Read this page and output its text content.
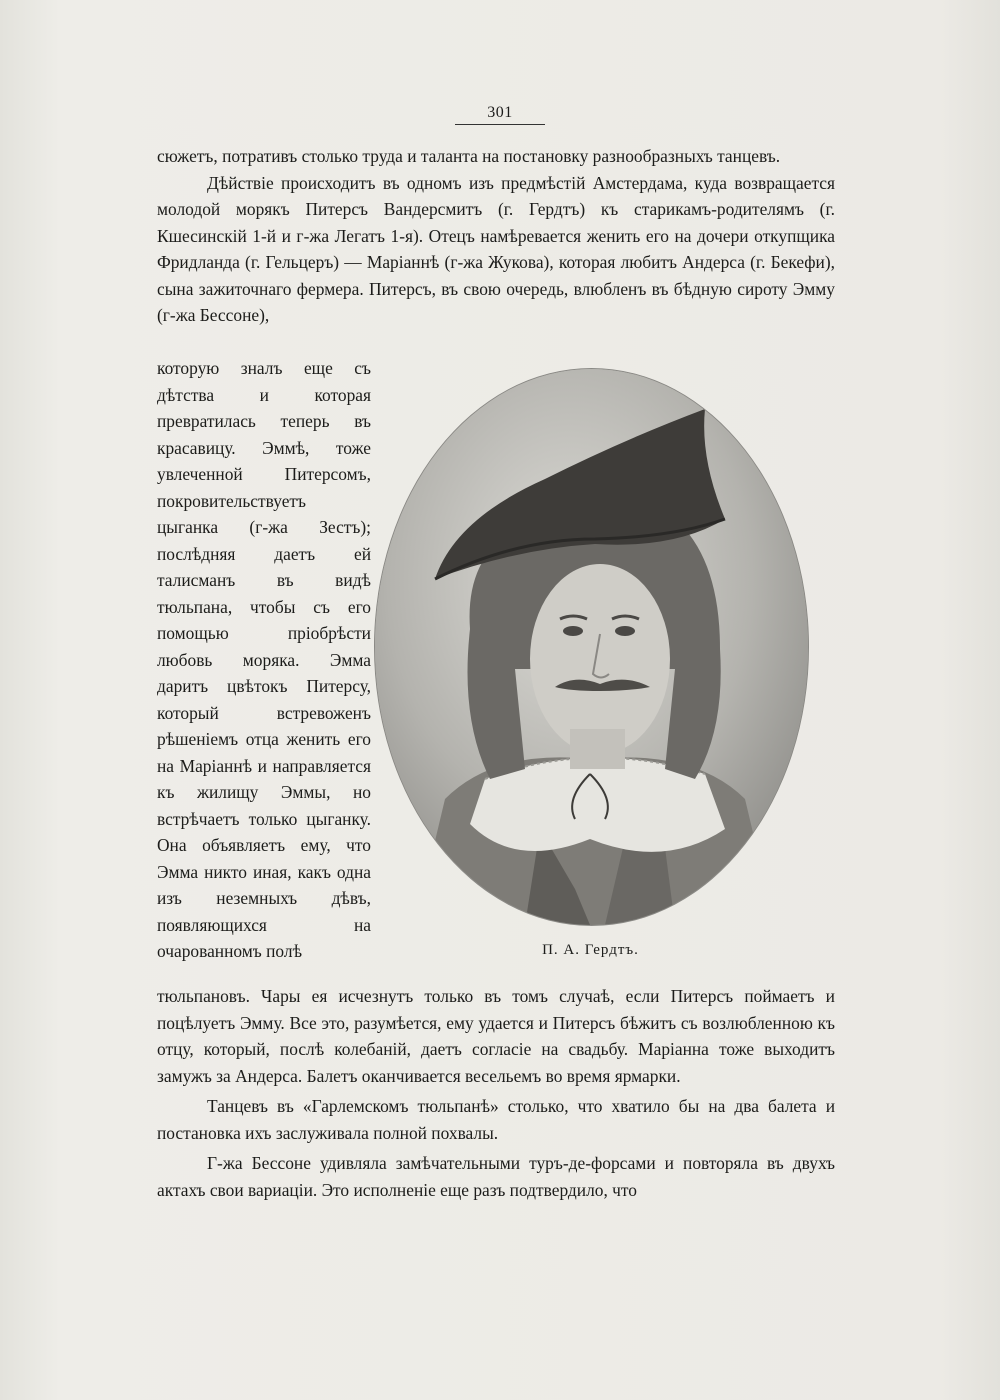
301

сюжетъ, потративъ столько труда и таланта на постановку разнообразныхъ танцевъ.

Дѣйствіе происходитъ въ одномъ изъ предмѣстій Амстердама, куда возвращается молодой морякъ Питерсъ Вандерсмитъ (г. Гердтъ) къ старикамъ-родителямъ (г. Кшесинскій 1-й и г-жа Легатъ 1-я). Отецъ намѣревается женить его на дочери откупщика Фридланда (г. Гельцеръ) — Маріаннѣ (г-жа Жукова), которая любитъ Андерса (г. Бекефи), сына зажиточнаго фермера. Питерсъ, въ свою очередь, влюбленъ въ бѣдную сироту Эмму (г-жа Бессоне),

которую зналъ еще съ дѣтства и которая превратилась теперь въ красавицу. Эммѣ, тоже увлеченной Питерсомъ, покровительствуетъ цыганка (г-жа Зестъ); послѣдняя даетъ ей талисманъ въ видѣ тюльпана, чтобы съ его помощью пріобрѣсти любовь моряка. Эмма даритъ цвѣтокъ Питерсу, который встревоженъ рѣшеніемъ отца женить его на Маріаннѣ и направляется къ жилищу Эммы, но встрѣчаетъ только цыганку. Она объявляетъ ему, что Эмма никто иная, какъ одна изъ неземныхъ дѣвъ, появляющихся на очарованномъ полѣ	П. А. Гердтъ.

тюльпановъ. Чары ея исчезнутъ только въ томъ случаѣ, если Питерсъ поймаетъ и поцѣлуетъ Эмму. Все это, разумѣется, ему удается и Питерсъ бѣжитъ съ возлюбленною къ отцу, который, послѣ колебаній, даетъ согласіе на свадьбу. Маріанна тоже выходитъ замужъ за Андерса. Балетъ оканчивается весельемъ во время ярмарки.

Танцевъ въ «Гарлемскомъ тюльпанѣ» столько, что хватило бы на два балета и постановка ихъ заслуживала полной похвалы.

Г-жа Бессоне удивляла замѣчательными туръ-де-форсами и повторяла въ двухъ актахъ свои вариаціи. Это исполненіе еще разъ подтвердило, что
